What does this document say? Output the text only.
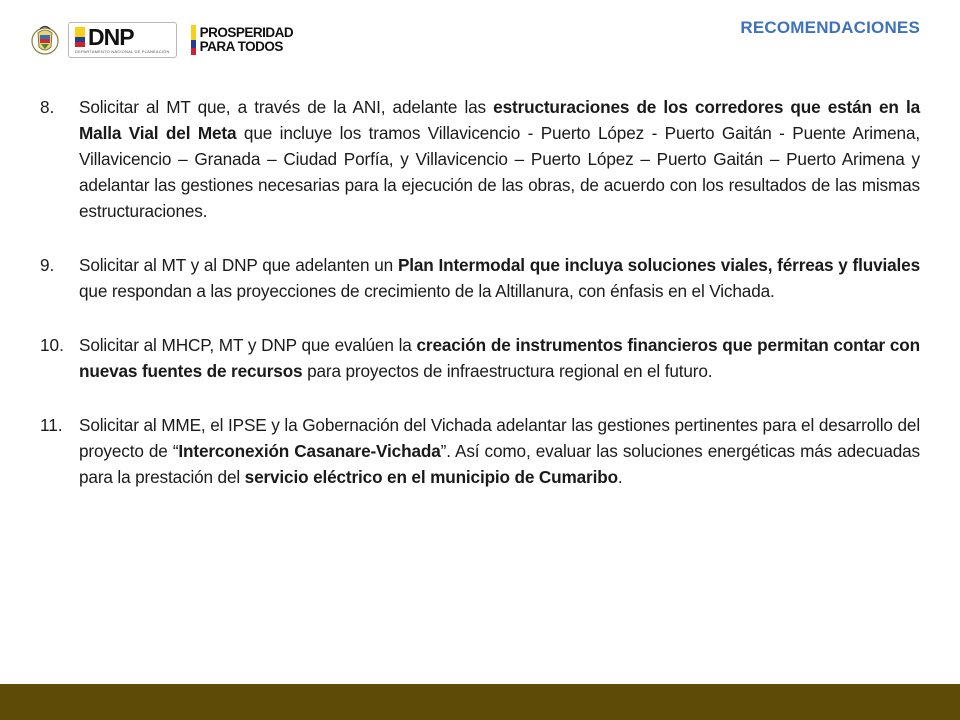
DNP
DEPARTAMENTO NACIONAL DE PLANEACIÓN
PROSPERIDAD
PARA TODOS
RECOMENDACIONES
8.	Solicitar al MT que, a través de la ANI, adelante las estructuraciones de los corredores que están en la Malla Vial del Meta que incluye los tramos Villavicencio - Puerto López - Puerto Gaitán - Puente Arimena, Villavicencio – Granada – Ciudad Porfía, y Villavicencio – Puerto López – Puerto Gaitán – Puerto Arimena y adelantar las gestiones necesarias para la ejecución de las obras, de acuerdo con los resultados de las mismas estructuraciones.
9.	Solicitar al MT y al DNP que adelanten un Plan Intermodal que incluya soluciones viales, férreas y fluviales que respondan a las proyecciones de crecimiento de la Altillanura, con énfasis en el Vichada.
10. Solicitar al MHCP, MT y DNP que evalúen la creación de instrumentos financieros que permitan contar con nuevas fuentes de recursos para proyectos de infraestructura regional en el futuro.
11. Solicitar al MME, el IPSE y la Gobernación del Vichada adelantar las gestiones pertinentes para el desarrollo del proyecto de “Interconexión Casanare-Vichada”. Así como, evaluar las soluciones energéticas más adecuadas para la prestación del servicio eléctrico en el municipio de Cumaribo.
